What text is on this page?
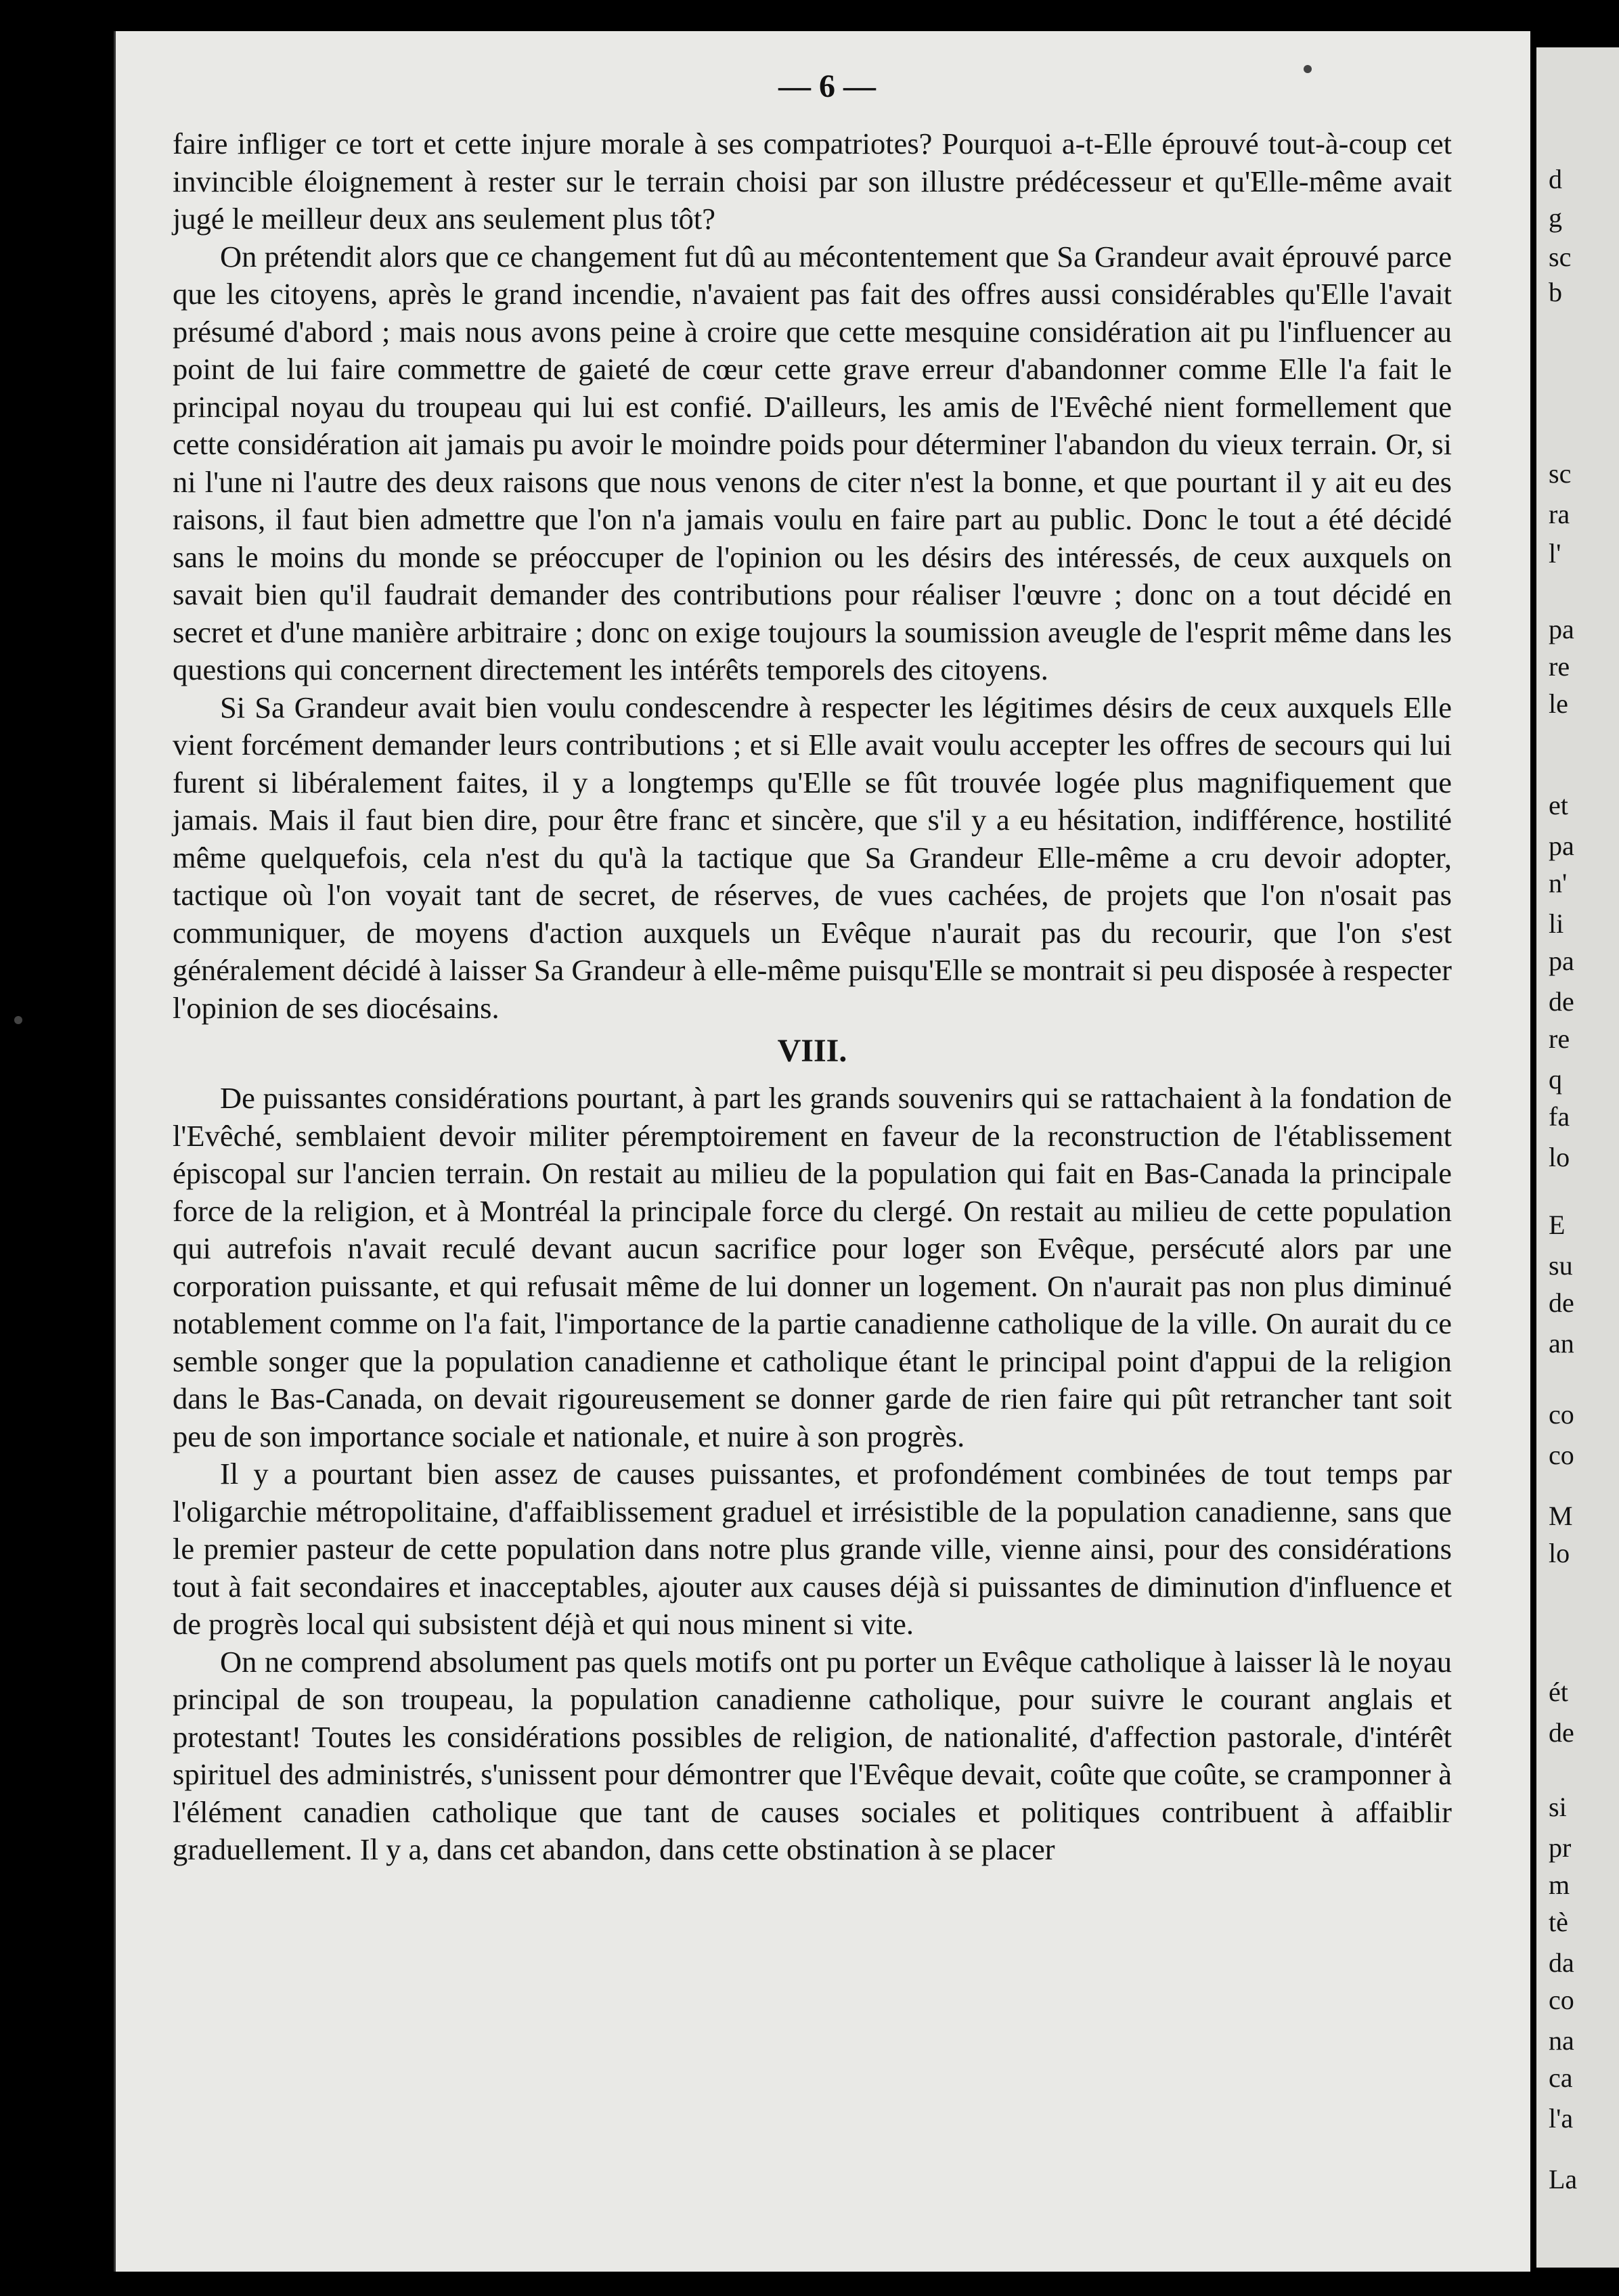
— 6 —

faire infliger ce tort et cette injure morale à ses compatriotes? Pourquoi a-t-Elle éprouvé tout-à-coup cet invincible éloignement à rester sur le terrain choisi par son illustre prédécesseur et qu'Elle-même avait jugé le meilleur deux ans seulement plus tôt?

On prétendit alors que ce changement fut dû au mécontentement que Sa Grandeur avait éprouvé parce que les citoyens, après le grand incendie, n'avaient pas fait des offres aussi considérables qu'Elle l'avait présumé d'abord ; mais nous avons peine à croire que cette mesquine considération ait pu l'influencer au point de lui faire commettre de gaieté de cœur cette grave erreur d'abandonner comme Elle l'a fait le principal noyau du troupeau qui lui est confié. D'ailleurs, les amis de l'Evêché nient formellement que cette considération ait jamais pu avoir le moindre poids pour déterminer l'abandon du vieux terrain. Or, si ni l'une ni l'autre des deux raisons que nous venons de citer n'est la bonne, et que pourtant il y ait eu des raisons, il faut bien admettre que l'on n'a jamais voulu en faire part au public. Donc le tout a été décidé sans le moins du monde se préoccuper de l'opinion ou les désirs des intéressés, de ceux auxquels on savait bien qu'il faudrait demander des contributions pour réaliser l'œuvre ; donc on a tout décidé en secret et d'une manière arbitraire ; donc on exige toujours la soumission aveugle de l'esprit même dans les questions qui concernent directement les intérêts temporels des citoyens.

Si Sa Grandeur avait bien voulu condescendre à respecter les légitimes désirs de ceux auxquels Elle vient forcément demander leurs contributions ; et si Elle avait voulu accepter les offres de secours qui lui furent si libéralement faites, il y a longtemps qu'Elle se fût trouvée logée plus magnifiquement que jamais. Mais il faut bien dire, pour être franc et sincère, que s'il y a eu hésitation, indifférence, hostilité même quelquefois, cela n'est du qu'à la tactique que Sa Grandeur Elle-même a cru devoir adopter, tactique où l'on voyait tant de secret, de réserves, de vues cachées, de projets que l'on n'osait pas communiquer, de moyens d'action auxquels un Evêque n'aurait pas du recourir, que l'on s'est généralement décidé à laisser Sa Grandeur à elle-même puisqu'Elle se montrait si peu disposée à respecter l'opinion de ses diocésains.

VIII.

De puissantes considérations pourtant, à part les grands souvenirs qui se rattachaient à la fondation de l'Evêché, semblaient devoir militer péremptoirement en faveur de la reconstruction de l'établissement épiscopal sur l'ancien terrain. On restait au milieu de la population qui fait en Bas-Canada la principale force de la religion, et à Montréal la principale force du clergé. On restait au milieu de cette population qui autrefois n'avait reculé devant aucun sacrifice pour loger son Evêque, persécuté alors par une corporation puissante, et qui refusait même de lui donner un logement. On n'aurait pas non plus diminué notablement comme on l'a fait, l'importance de la partie canadienne catholique de la ville. On aurait du ce semble songer que la population canadienne et catholique étant le principal point d'appui de la religion dans le Bas-Canada, on devait rigoureusement se donner garde de rien faire qui pût retrancher tant soit peu de son importance sociale et nationale, et nuire à son progrès.

Il y a pourtant bien assez de causes puissantes, et profondément combinées de tout temps par l'oligarchie métropolitaine, d'affaiblissement graduel et irrésistible de la population canadienne, sans que le premier pasteur de cette population dans notre plus grande ville, vienne ainsi, pour des considérations tout à fait secondaires et inacceptables, ajouter aux causes déjà si puissantes de diminution d'influence et de progrès local qui subsistent déjà et qui nous minent si vite.

On ne comprend absolument pas quels motifs ont pu porter un Evêque catholique à laisser là le noyau principal de son troupeau, la population canadienne catholique, pour suivre le courant anglais et protestant! Toutes les considérations possibles de religion, de nationalité, d'affection pastorale, d'intérêt spirituel des administrés, s'unissent pour démontrer que l'Evêque devait, coûte que coûte, se cramponner à l'élément canadien catholique que tant de causes sociales et politiques contribuent à affaiblir graduellement. Il y a, dans cet abandon, dans cette obstination à se placer

d
g
sc
b
sc
ra
l'
pa
re
le
et
pa
n'
li
pa
de
re
q
fa
lo
E
su
de
an
co
co
M
lo
ét
de
si
pr
m
tè
da
co
na
ca
l'a
La
